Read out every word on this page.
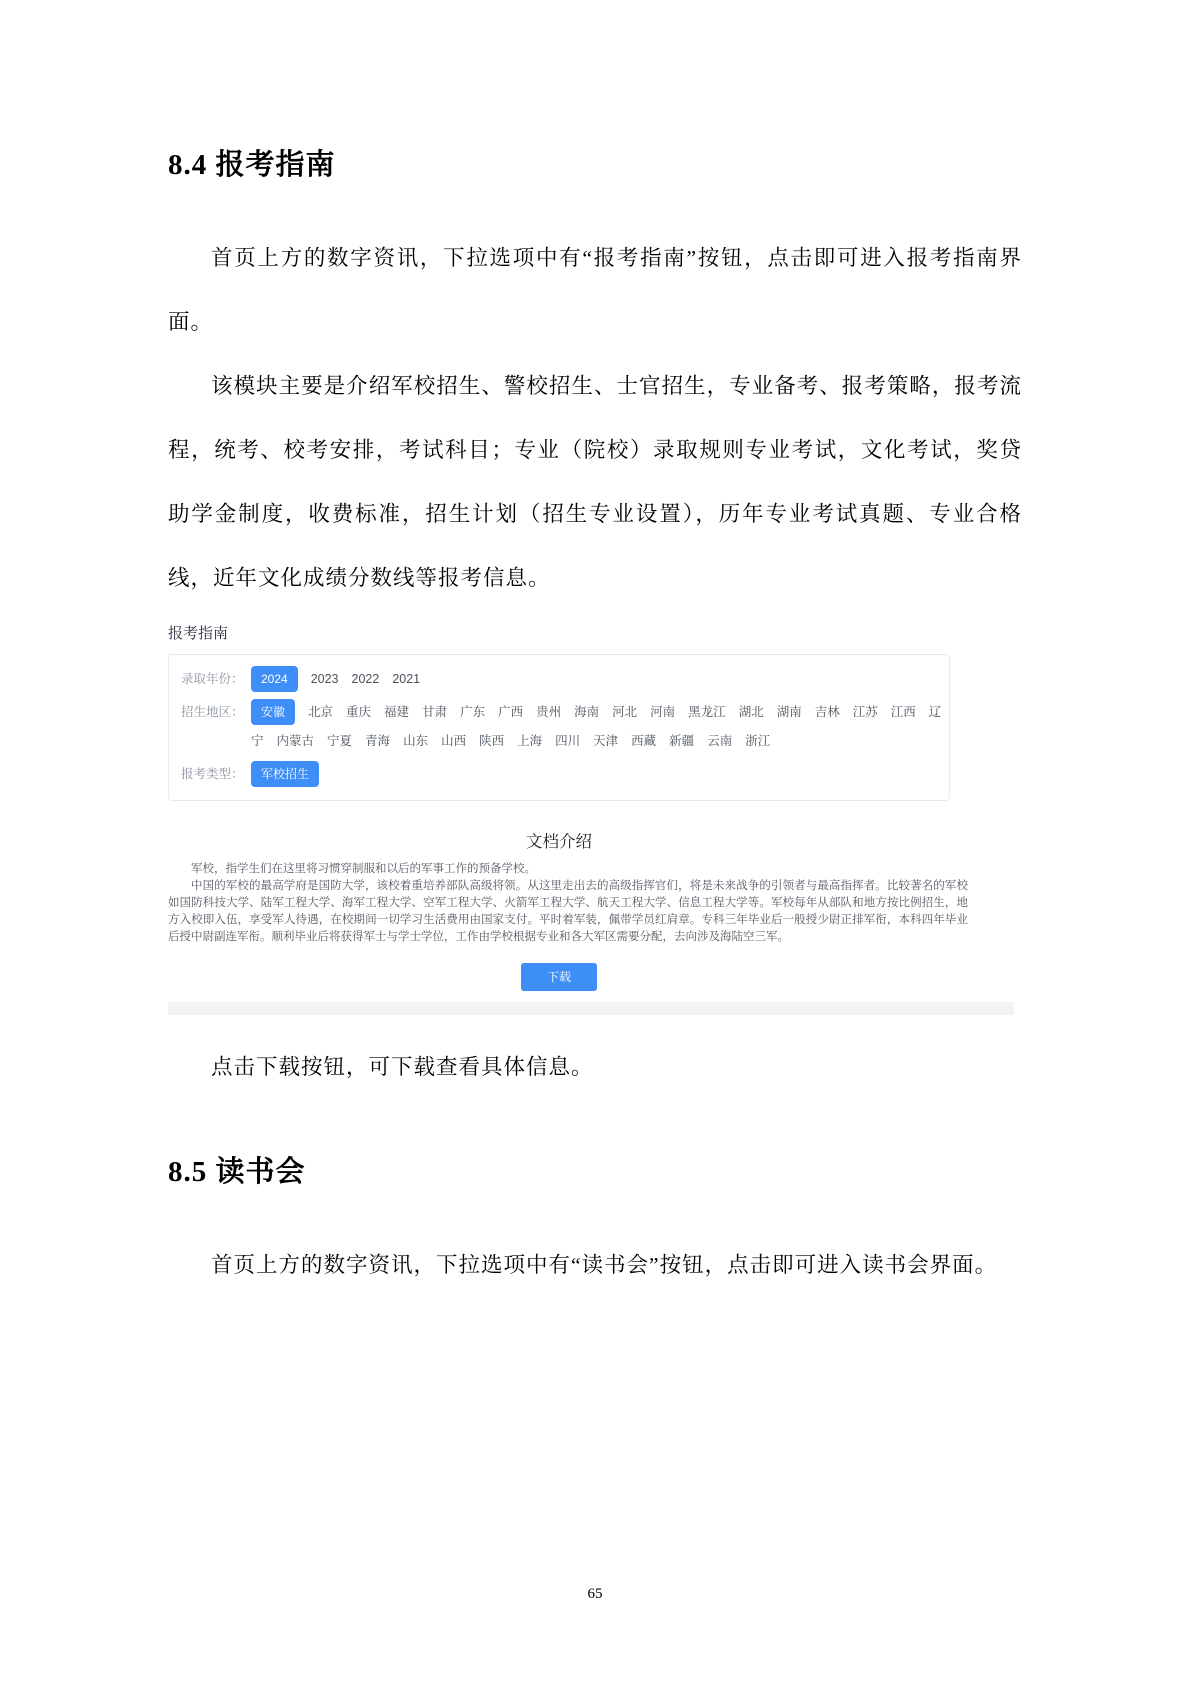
8.4 报考指南

首页上方的数字资讯，下拉选项中有“报考指南”按钮，点击即可进入报考指南界面。

该模块主要是介绍军校招生、警校招生、士官招生，专业备考、报考策略，报考流程，统考、校考安排，考试科目；专业（院校）录取规则专业考试，文化考试，奖贷助学金制度，收费标准，招生计划（招生专业设置），历年专业考试真题、专业合格线，近年文化成绩分数线等报考信息。

报考指南
录取年份：	2024	2023 2022 2021
招生地区：	安徽	北京 重庆 福建 甘肃 广东 广西 贵州 海南 河北 河南 黑龙江 湖北 湖南 吉林 江苏 江西 辽
宁 内蒙古 宁夏 青海 山东 山西 陕西 上海 四川 天津 西藏 新疆 云南 浙江
报考类型：	军校招生
文档介绍

军校，指学生们在这里将习惯穿制服和以后的军事工作的预备学校。

中国的军校的最高学府是国防大学，该校着重培养部队高级将领。从这里走出去的高级指挥官们，将是未来战争的引领者与最高指挥者。比较著名的军校如国防科技大学、陆军工程大学、海军工程大学、空军工程大学、火箭军工程大学、航天工程大学、信息工程大学等。军校每年从部队和地方按比例招生，地方入校即入伍，享受军人待遇，在校期间一切学习生活费用由国家支付。平时着军装，佩带学员红肩章。专科三年毕业后一般授少尉正排军衔，本科四年毕业后授中尉副连军衔。顺利毕业后将获得军士与学士学位，工作由学校根据专业和各大军区需要分配，去向涉及海陆空三军。

下载

点击下载按钮，可下载查看具体信息。

8.5 读书会

首页上方的数字资讯，下拉选项中有“读书会”按钮，点击即可进入读书会界面。

65
